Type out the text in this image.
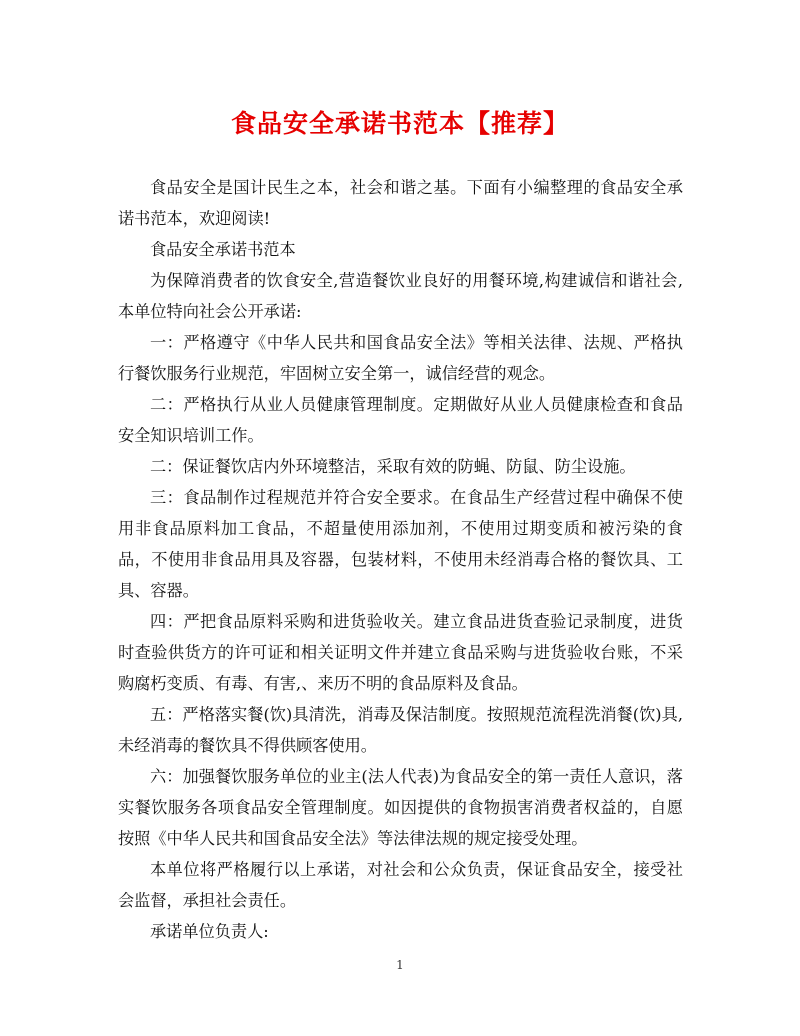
食品安全承诺书范本【推荐】

食品安全是国计民生之本，社会和谐之基。下面有小编整理的食品安全承诺书范本，欢迎阅读!

食品安全承诺书范本

为保障消费者的饮食安全,营造餐饮业良好的用餐环境,构建诚信和谐社会,本单位特向社会公开承诺:

一：严格遵守《中华人民共和国食品安全法》等相关法律、法规、严格执行餐饮服务行业规范，牢固树立安全第一，诚信经营的观念。

二：严格执行从业人员健康管理制度。定期做好从业人员健康检查和食品安全知识培训工作。

二：保证餐饮店内外环境整洁，采取有效的防蝇、防鼠、防尘设施。

三：食品制作过程规范并符合安全要求。在食品生产经营过程中确保不使用非食品原料加工食品，不超量使用添加剂，不使用过期变质和被污染的食品，不使用非食品用具及容器，包装材料，不使用未经消毒合格的餐饮具、工具、容器。

四：严把食品原料采购和进货验收关。建立食品进货查验记录制度，进货时查验供货方的许可证和相关证明文件并建立食品采购与进货验收台账，不采购腐朽变质、有毒、有害,、来历不明的食品原料及食品。

五：严格落实餐(饮)具清洗，消毒及保洁制度。按照规范流程洗消餐(饮)具,未经消毒的餐饮具不得供顾客使用。

六：加强餐饮服务单位的业主(法人代表)为食品安全的第一责任人意识，落实餐饮服务各项食品安全管理制度。如因提供的食物损害消费者权益的，自愿按照《中华人民共和国食品安全法》等法律法规的规定接受处理。

本单位将严格履行以上承诺，对社会和公众负责，保证食品安全，接受社会监督，承担社会责任。

承诺单位负责人:

1
